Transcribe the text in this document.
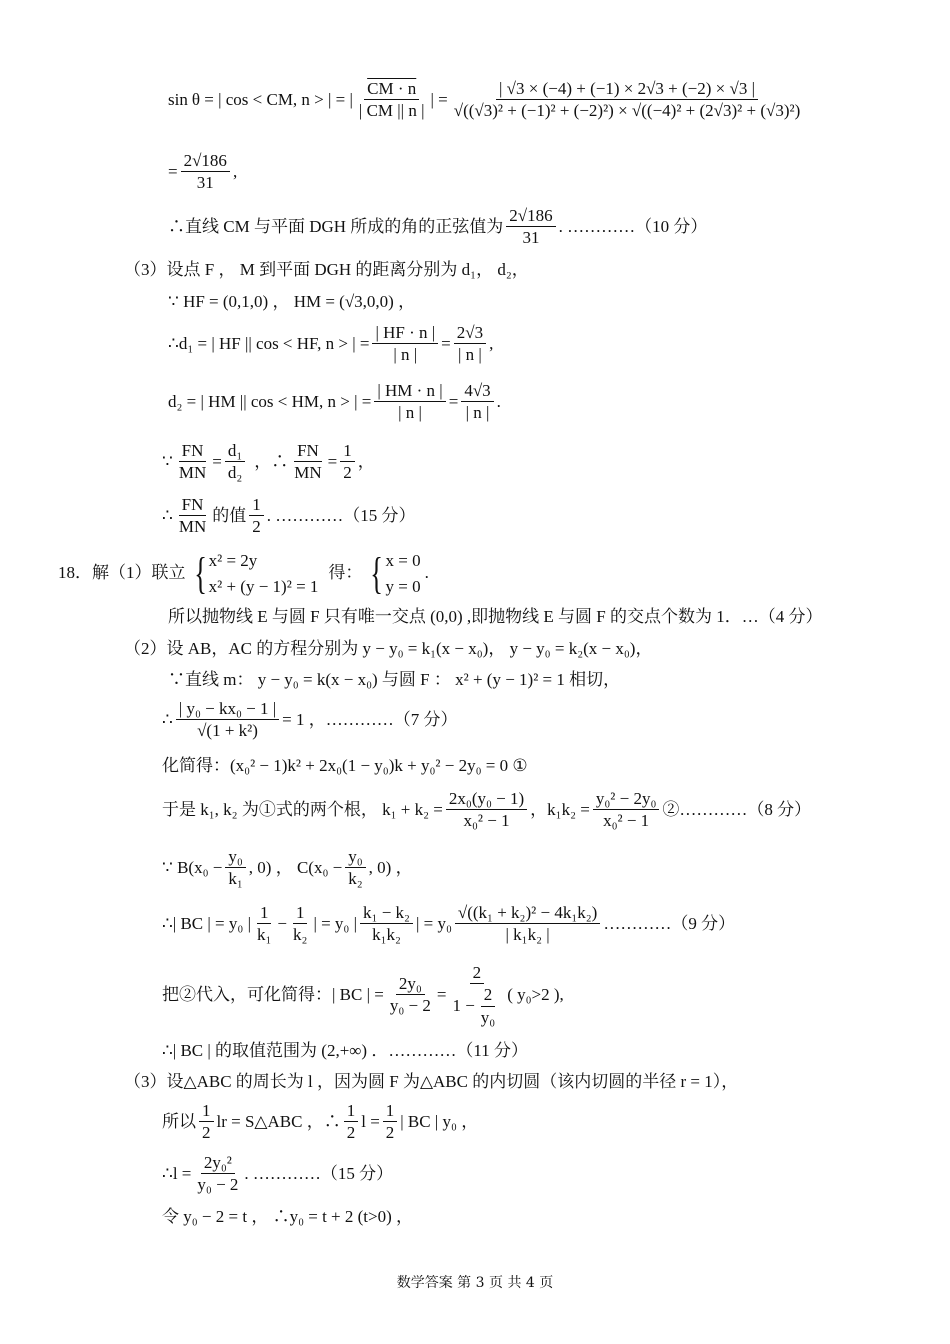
sin θ = | cos < CM, n > | = | $\frac{CM \cdot n}{| CM || n |}$ | = $\frac{| √3 \times (-4) + (-1) \times 2√3 + (-2) \times √3 |}{\text{√((√3)² + (−1)² + (−2)²) × √((−4)² + (2√3)² + (√3)²)}}$
= $\frac{2√186}{31}$ ,
∴直线 CM 与平面 DGH 所成的角的正弦值为 $\frac{2√186}{31}$ . …………（10 分）
（3） 设点 F ， M 到平面 DGH 的距离分别为 d₁， d₂，
∵ HF = (0,1,0) ， HM = (√3,0,0) ，
∴d₁ = | HF || cos < HF, n > | = $\frac{| HF \cdot n |}{| n |} = \frac{2√3}{| n |}$ ,
d₂ = | HM || cos < HM, n > | = $\frac{| HM \cdot n |}{| n |} = \frac{4√3}{| n |}$ .
∵ $\frac{FN}{MN} = \frac{\text{d₁}}{\text{d₂}}$ ，∴ $\frac{FN}{MN} = \frac{1}{2}$ ，
∴ $\frac{FN}{MN}$ 的值 $\frac{1}{2}$ . …………（15 分）
18．解（1）联立 { x² = 2y
x² + (y − 1)² = 1
得： { x = 0
y = 0
.
所以抛物线 E 与圆 F 只有唯一交点 (0,0) ,即抛物线 E 与圆 F 的交点个数为 1．…（4 分）
（2） 设 AB，AC 的方程分别为 y − y₀ = k₁(x − x₀)， y − y₀ = k₂(x − x₀)，
∵直线 m： y − y₀ = k(x − x₀) 与圆 F ： x² + (y − 1)² = 1 相切，
∴ $\frac{\text{| y₀ − kx₀ − 1 |}}{\text{√(1 + k²)}} = 1$ ，…………（7 分）
化简得：(x₀² − 1)k² + 2x₀(1 − y₀)k + y₀² − 2y₀ = 0 ①
于是 k₁, k₂ 为①式的两个根， $k_1 + k_2 = \frac{\text{2x₀(y₀ − 1)}}{\text{x₀² − 1}}$ ，$k_1k_2 = \frac{\text{y₀² − 2y₀}}{\text{x₀² − 1}}$ ②…………（8 分）
∵ $B(x_0 - \frac{\text{y₀}}{\text{k₁}}$ , 0) ， $C(x_0 - \frac{\text{y₀}}{\text{k₂}}$ , 0) ，
∴| BC | = y₀ | $\frac{1}{\text{k₁}} - \frac{1}{\text{k₂}}$ | = y₀ | $\frac{\text{k₁ − k₂}}{\text{k₁k₂}}$ | = $y_0 \frac{\text{√((k₁ + k₂)² − 4k₁k₂)}}{\text{| k₁k₂ |}}$ …………（9 分）
把②代入，可化简得：| BC | = $\frac{\text{2y₀}}{\text{y₀ − 2}} = \frac{2}{1 - \frac{2}{\text{y₀}}}$ ( y₀>2 ),
∴| BC | 的取值范围为 (2,+∞) ．…………（11 分）
（3） 设△ABC 的周长为 l ，因为圆 F 为△ABC 的内切圆（该内切圆的半径 r = 1），
所以 $\frac{1}{2}$ lr = S△ABC ，∴ $\frac{1}{2}$ $l = \frac{1}{2}$ | BC | y₀ ，
∴l = $\frac{\text{2y₀²}}{\text{y₀ − 2}}$ . …………（15 分）
令 y₀ − 2 = t ， ∴y₀ = t + 2 (t>0) ，
数学答案 第 3 页 共 4 页
